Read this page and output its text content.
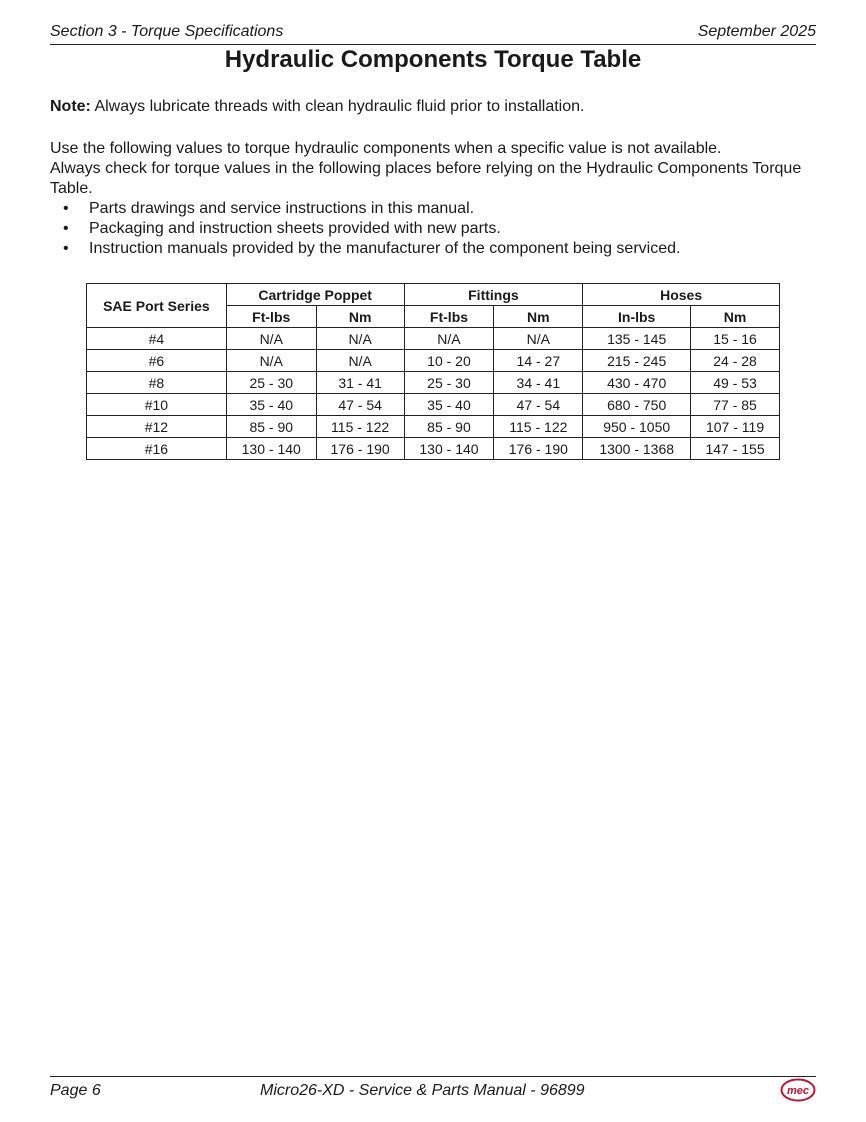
Section 3 - Torque Specifications	September 2025
Hydraulic Components Torque Table
Note: Always lubricate threads with clean hydraulic fluid prior to installation.

Use the following values to torque hydraulic components when a specific value is not available.

Always check for torque values in the following places before relying on the Hydraulic Components Torque Table.

• Parts drawings and service instructions in this manual.
• Packaging and instruction sheets provided with new parts.
• Instruction manuals provided by the manufacturer of the component being serviced.
SAE Port Series	Cartridge Poppet		Fittings		Hoses	
	Ft-lbs	Nm	Ft-lbs	Nm	In-lbs	Nm
#4	N/A	N/A	N/A	N/A	135 - 145	15 - 16
#6	N/A	N/A	10 - 20	14 - 27	215 - 245	24 - 28
#8	25 - 30	31 - 41	25 - 30	34 - 41	430 - 470	49 - 53
#10	35 - 40	47 - 54	35 - 40	47 - 54	680 - 750	77 - 85
#12	85 - 90	115 - 122	85 - 90	115 - 122	950 - 1050	107 - 119
#16	130 - 140	176 - 190	130 - 140	176 - 190	1300 - 1368	147 - 155
Page 6	Micro26-XD - Service & Parts Manual - 96899	mec
